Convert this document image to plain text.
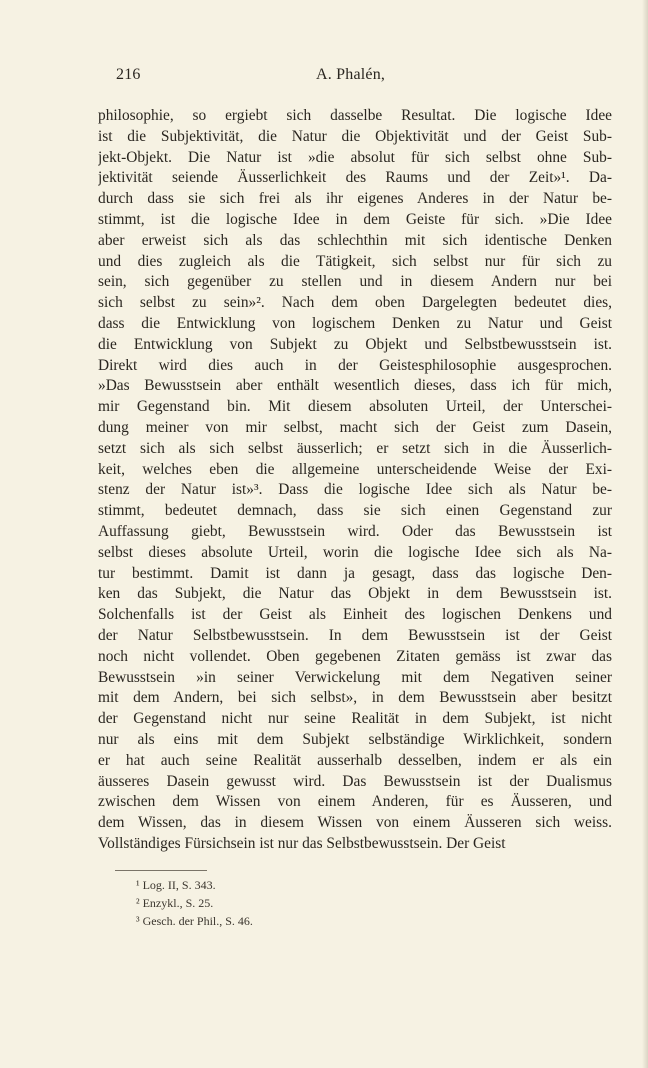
216	A. Phalén,
philosophie, so ergiebt sich dasselbe Resultat. Die logische Idee
ist die Subjektivität, die Natur die Objektivität und der Geist Sub-
jekt-Objekt. Die Natur ist »die absolut für sich selbst ohne Sub-
jektivität seiende Äusserlichkeit des Raums und der Zeit»¹. Da-
durch dass sie sich frei als ihr eigenes Anderes in der Natur be-
stimmt, ist die logische Idee in dem Geiste für sich. »Die Idee
aber erweist sich als das schlechthin mit sich identische Denken
und dies zugleich als die Tätigkeit, sich selbst nur für sich zu
sein, sich gegenüber zu stellen und in diesem Andern nur bei
sich selbst zu sein»². Nach dem oben Dargelegten bedeutet dies,
dass die Entwicklung von logischem Denken zu Natur und Geist
die Entwicklung von Subjekt zu Objekt und Selbstbewusstsein ist.
Direkt wird dies auch in der Geistesphilosophie ausgesprochen.
»Das Bewusstsein aber enthält wesentlich dieses, dass ich für mich,
mir Gegenstand bin. Mit diesem absoluten Urteil, der Unterschei-
dung meiner von mir selbst, macht sich der Geist zum Dasein,
setzt sich als sich selbst äusserlich; er setzt sich in die Äusserlich-
keit, welches eben die allgemeine unterscheidende Weise der Exi-
stenz der Natur ist»³. Dass die logische Idee sich als Natur be-
stimmt, bedeutet demnach, dass sie sich einen Gegenstand zur
Auffassung giebt, Bewusstsein wird. Oder das Bewusstsein ist
selbst dieses absolute Urteil, worin die logische Idee sich als Na-
tur bestimmt. Damit ist dann ja gesagt, dass das logische Den-
ken das Subjekt, die Natur das Objekt in dem Bewusstsein ist.
Solchenfalls ist der Geist als Einheit des logischen Denkens und
der Natur Selbstbewusstsein. In dem Bewusstsein ist der Geist
noch nicht vollendet. Oben gegebenen Zitaten gemäss ist zwar das
Bewusstsein »in seiner Verwickelung mit dem Negativen seiner
mit dem Andern, bei sich selbst», in dem Bewusstsein aber besitzt
der Gegenstand nicht nur seine Realität in dem Subjekt, ist nicht
nur als eins mit dem Subjekt selbständige Wirklichkeit, sondern
er hat auch seine Realität ausserhalb desselben, indem er als ein
äusseres Dasein gewusst wird. Das Bewusstsein ist der Dualismus
zwischen dem Wissen von einem Anderen, für es Äusseren, und
dem Wissen, das in diesem Wissen von einem Äusseren sich weiss.
Vollständiges Fürsichsein ist nur das Selbstbewusstsein. Der Geist
¹ Log. II, S. 343.
² Enzykl., S. 25.
³ Gesch. der Phil., S. 46.
